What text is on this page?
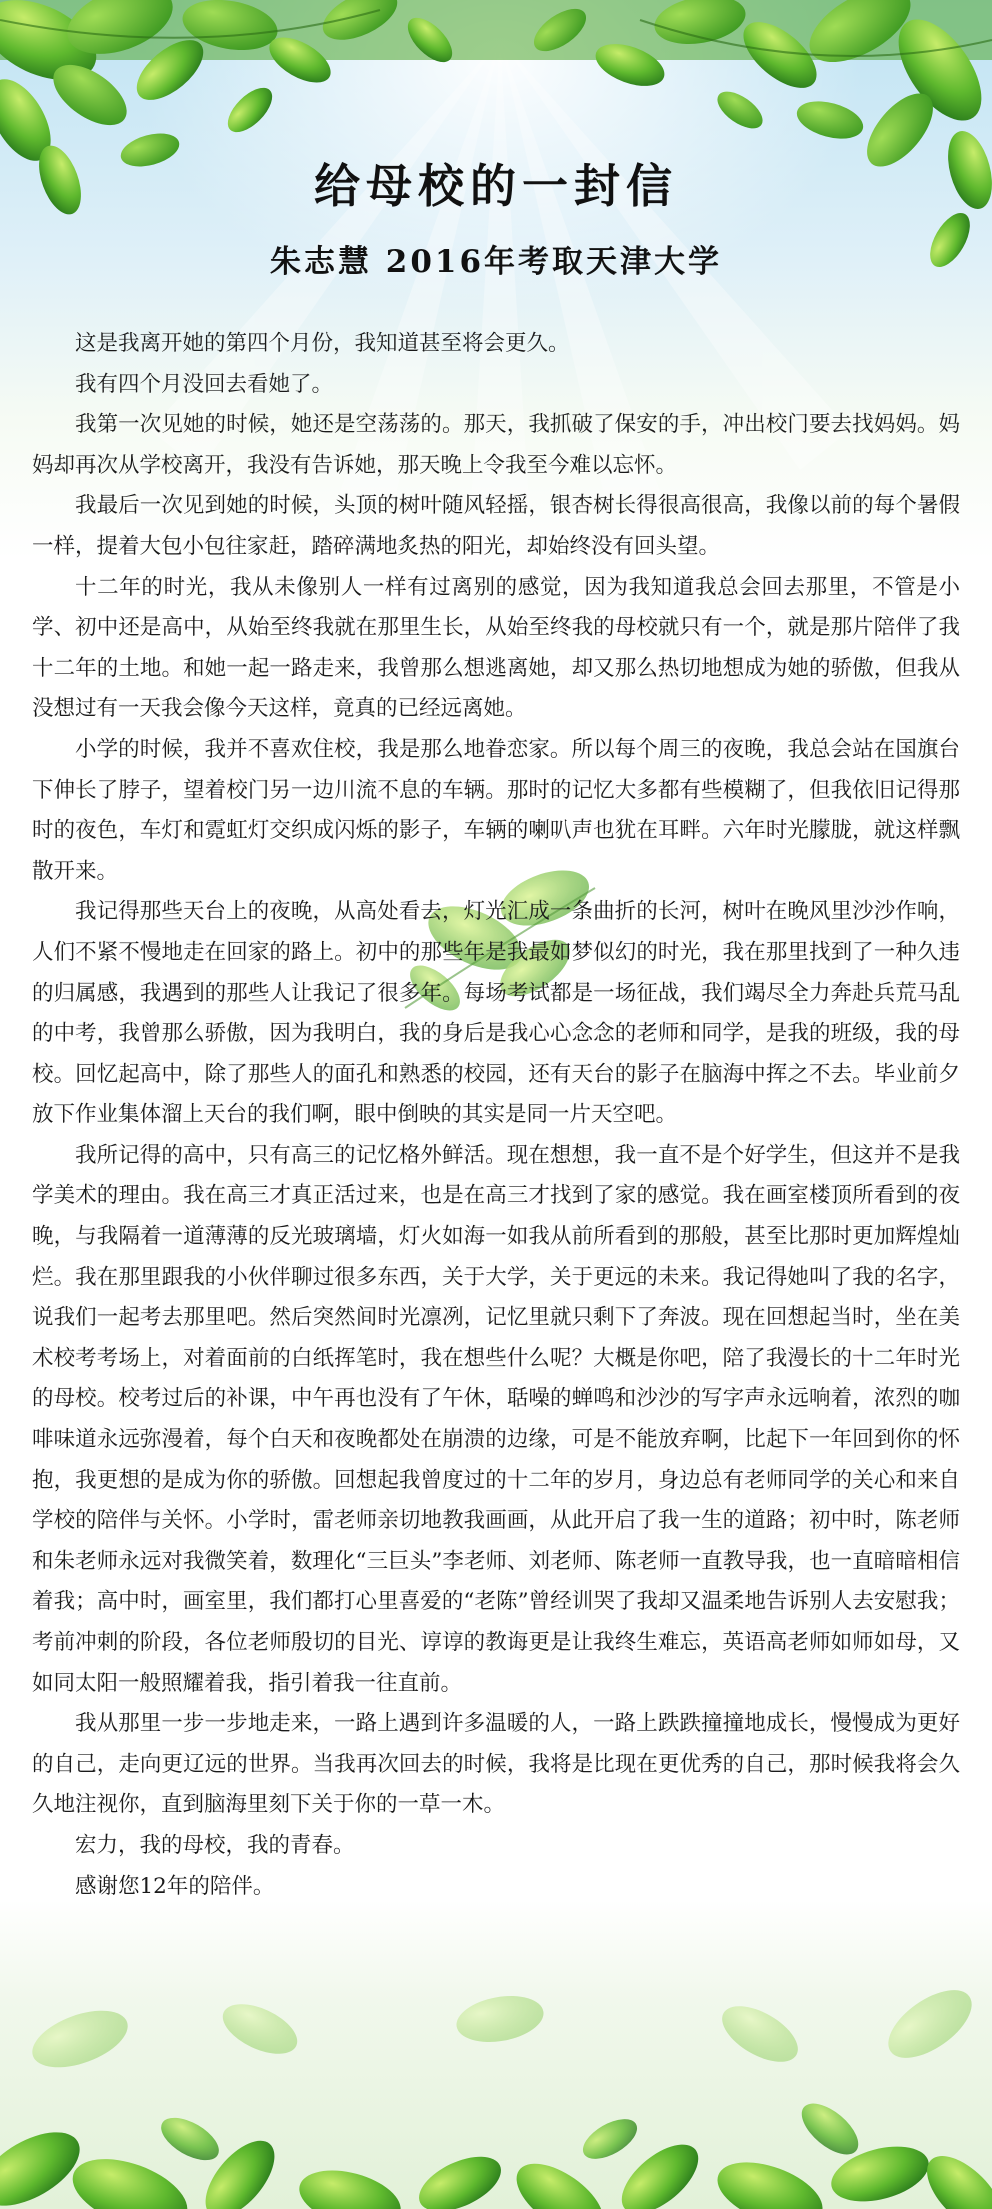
给母校的一封信
朱志慧 2016年考取天津大学

这是我离开她的第四个月份，我知道甚至将会更久。

我有四个月没回去看她了。

我第一次见她的时候，她还是空荡荡的。那天，我抓破了保安的手，冲出校门要去找妈妈。妈妈却再次从学校离开，我没有告诉她，那天晚上令我至今难以忘怀。

我最后一次见到她的时候，头顶的树叶随风轻摇，银杏树长得很高很高，我像以前的每个暑假一样，提着大包小包往家赶，踏碎满地炙热的阳光，却始终没有回头望。

十二年的时光，我从未像别人一样有过离别的感觉，因为我知道我总会回去那里，不管是小学、初中还是高中，从始至终我就在那里生长，从始至终我的母校就只有一个，就是那片陪伴了我十二年的土地。和她一起一路走来，我曾那么想逃离她，却又那么热切地想成为她的骄傲，但我从没想过有一天我会像今天这样，竟真的已经远离她。

小学的时候，我并不喜欢住校，我是那么地眷恋家。所以每个周三的夜晚，我总会站在国旗台下伸长了脖子，望着校门另一边川流不息的车辆。那时的记忆大多都有些模糊了，但我依旧记得那时的夜色，车灯和霓虹灯交织成闪烁的影子，车辆的喇叭声也犹在耳畔。六年时光朦胧，就这样飘散开来。

我记得那些天台上的夜晚，从高处看去，灯光汇成一条曲折的长河，树叶在晚风里沙沙作响，人们不紧不慢地走在回家的路上。初中的那些年是我最如梦似幻的时光，我在那里找到了一种久违的归属感，我遇到的那些人让我记了很多年。每场考试都是一场征战，我们竭尽全力奔赴兵荒马乱的中考，我曾那么骄傲，因为我明白，我的身后是我心心念念的老师和同学，是我的班级，我的母校。回忆起高中，除了那些人的面孔和熟悉的校园，还有天台的影子在脑海中挥之不去。毕业前夕放下作业集体溜上天台的我们啊，眼中倒映的其实是同一片天空吧。

我所记得的高中，只有高三的记忆格外鲜活。现在想想，我一直不是个好学生，但这并不是我学美术的理由。我在高三才真正活过来，也是在高三才找到了家的感觉。我在画室楼顶所看到的夜晚，与我隔着一道薄薄的反光玻璃墙，灯火如海一如我从前所看到的那般，甚至比那时更加辉煌灿烂。我在那里跟我的小伙伴聊过很多东西，关于大学，关于更远的未来。我记得她叫了我的名字，说我们一起考去那里吧。然后突然间时光凛冽，记忆里就只剩下了奔波。现在回想起当时，坐在美术校考考场上，对着面前的白纸挥笔时，我在想些什么呢？大概是你吧，陪了我漫长的十二年时光的母校。校考过后的补课，中午再也没有了午休，聒噪的蝉鸣和沙沙的写字声永远响着，浓烈的咖啡味道永远弥漫着，每个白天和夜晚都处在崩溃的边缘，可是不能放弃啊，比起下一年回到你的怀抱，我更想的是成为你的骄傲。回想起我曾度过的十二年的岁月，身边总有老师同学的关心和来自学校的陪伴与关怀。小学时，雷老师亲切地教我画画，从此开启了我一生的道路；初中时，陈老师和朱老师永远对我微笑着，数理化“三巨头”李老师、刘老师、陈老师一直教导我，也一直暗暗相信着我；高中时，画室里，我们都打心里喜爱的“老陈”曾经训哭了我却又温柔地告诉别人去安慰我；考前冲刺的阶段，各位老师殷切的目光、谆谆的教诲更是让我终生难忘，英语高老师如师如母，又如同太阳一般照耀着我，指引着我一往直前。

我从那里一步一步地走来，一路上遇到许多温暖的人，一路上跌跌撞撞地成长，慢慢成为更好的自己，走向更辽远的世界。当我再次回去的时候，我将是比现在更优秀的自己，那时候我将会久久地注视你，直到脑海里刻下关于你的一草一木。

宏力，我的母校，我的青春。

感谢您12年的陪伴。
